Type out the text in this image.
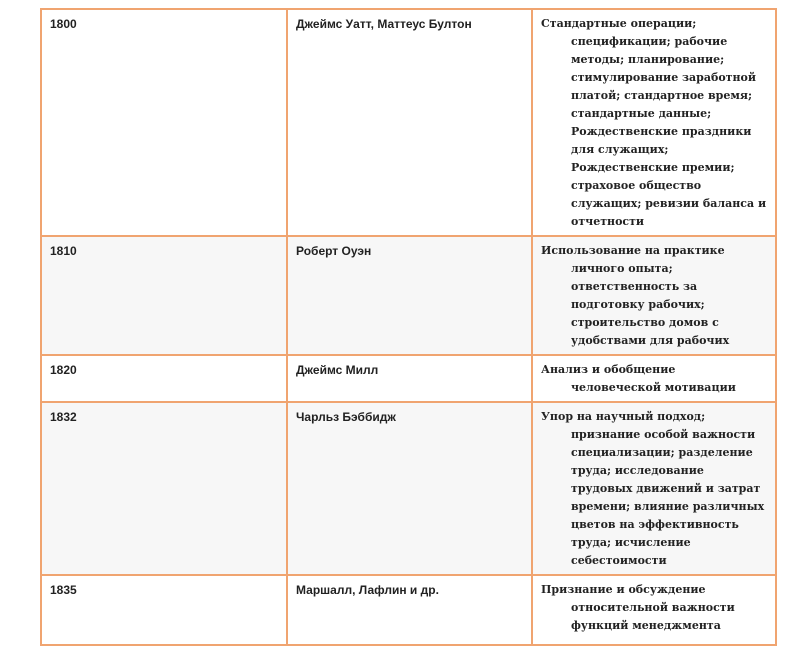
1800	Джеймс Уатт, Маттеус Бултон	Стандартные операции; спецификации; рабочие методы; планирование; стимулирование заработной платой; стандартное время; стандартные данные; Рождественские праздники для служащих; Рождественские премии; страховое общество служащих; ревизии баланса и отчетности

1810	Роберт Оуэн	Использование на практике личного опыта; ответственность за подготовку рабочих; строительство домов с удобствами для рабочих

1820	Джеймс Милл	Анализ и обобщение человеческой мотивации

1832	Чарльз Бэббидж	Упор на научный подход; признание особой важности специализации; разделение труда; исследование трудовых движений и затрат времени; влияние различных цветов на эффективность труда; исчисление себестоимости

1835	Маршалл, Лафлин и др.	Признание и обсуждение относительной важности функций менеджмента
